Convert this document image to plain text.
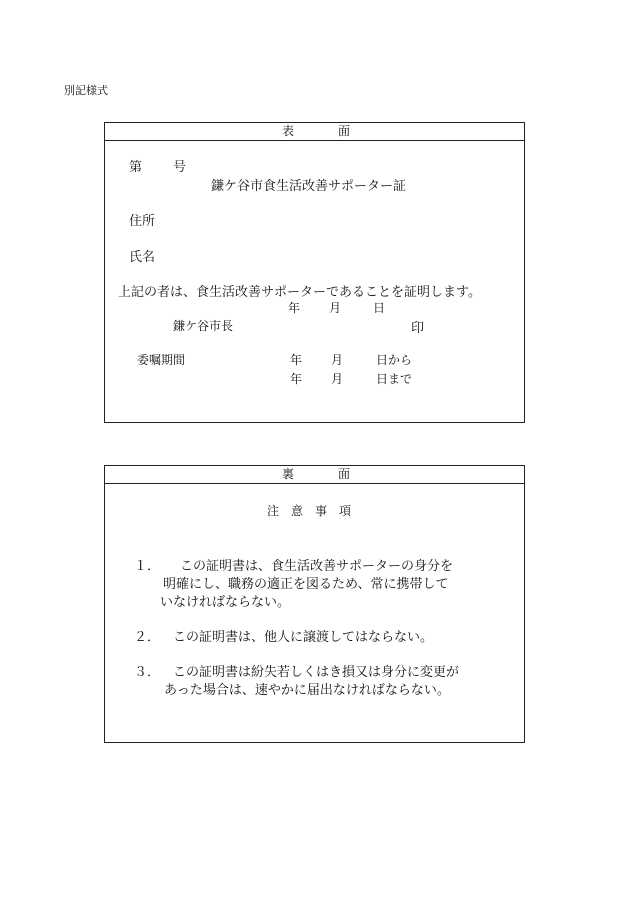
別記様式
表	面
第 号
鎌ケ谷市食生活改善サポーター証
住所
氏名
上記の者は、食生活改善サポーターであることを証明します。
年 月	日
鎌ケ谷市長	印
委嘱期間	年 月	日から
年 月	日まで
裏	面
注　意　事　項
１． この証明書は、食生活改善サポーターの身分を
明確にし、職務の適正を図るため、常に携帯して
いなければならない。
２． この証明書は、他人に譲渡してはならない。
３． この証明書は紛失若しくはき損又は身分に変更が
あった場合は、速やかに届出なければならない。
